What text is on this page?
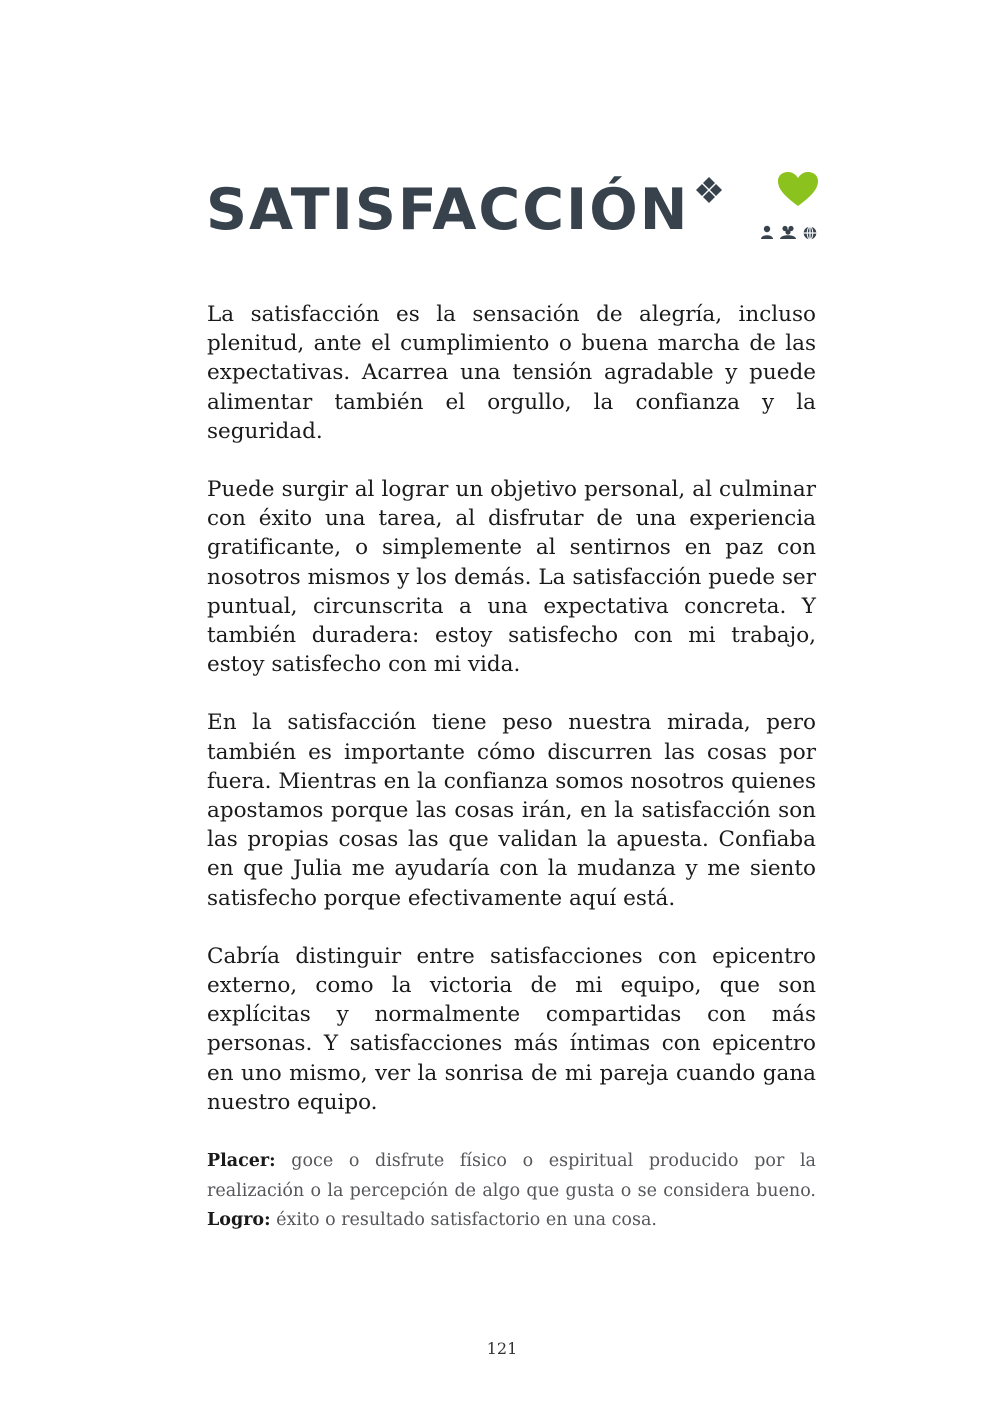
SATISFACCIÓN

La satisfacción es la sensación de alegría, incluso plenitud, ante el cumplimiento o buena marcha de las expectativas. Acarrea una tensión agradable y puede alimentar también el orgullo, la confianza y la seguridad.

Puede surgir al lograr un objetivo personal, al culminar con éxito una tarea, al disfrutar de una experiencia gratificante, o simplemente al sentirnos en paz con nosotros mismos y los demás. La satisfacción puede ser puntual, circunscrita a una expectativa concreta. Y también duradera: estoy satisfecho con mi trabajo, estoy satisfecho con mi vida.

En la satisfacción tiene peso nuestra mirada, pero también es importante cómo discurren las cosas por fuera. Mientras en la confianza somos nosotros quienes apostamos porque las cosas irán, en la satisfacción son las propias cosas las que validan la apuesta. Confiaba en que Julia me ayudaría con la mudanza y me siento satisfecho porque efectivamente aquí está.

Cabría distinguir entre satisfacciones con epicentro externo, como la victoria de mi equipo, que son explícitas y normalmente compartidas con más personas. Y satisfacciones más íntimas con epicentro en uno mismo, ver la sonrisa de mi pareja cuando gana nuestro equipo.

Placer: goce o disfrute físico o espiritual producido por la realización o la percepción de algo que gusta o se considera bueno. Logro: éxito o resultado satisfactorio en una cosa.

121
